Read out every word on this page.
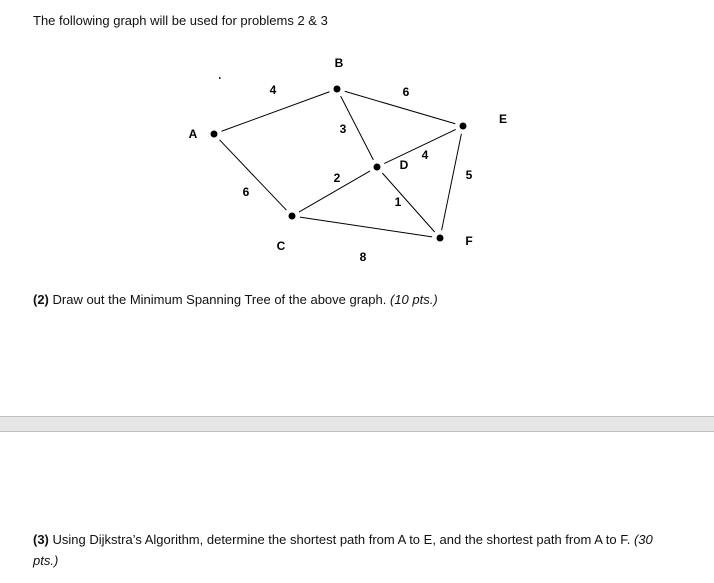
The following graph will be used for problems 2 & 3
4
6
3
6
2
4
1
5
8
A
B
C
D
E
F
(2) Draw out the Minimum Spanning Tree of the above graph. (10 pts.)
(3) Using Dijkstra’s Algorithm, determine the shortest path from A to E, and the shortest path from A to F. (30 pts.)
